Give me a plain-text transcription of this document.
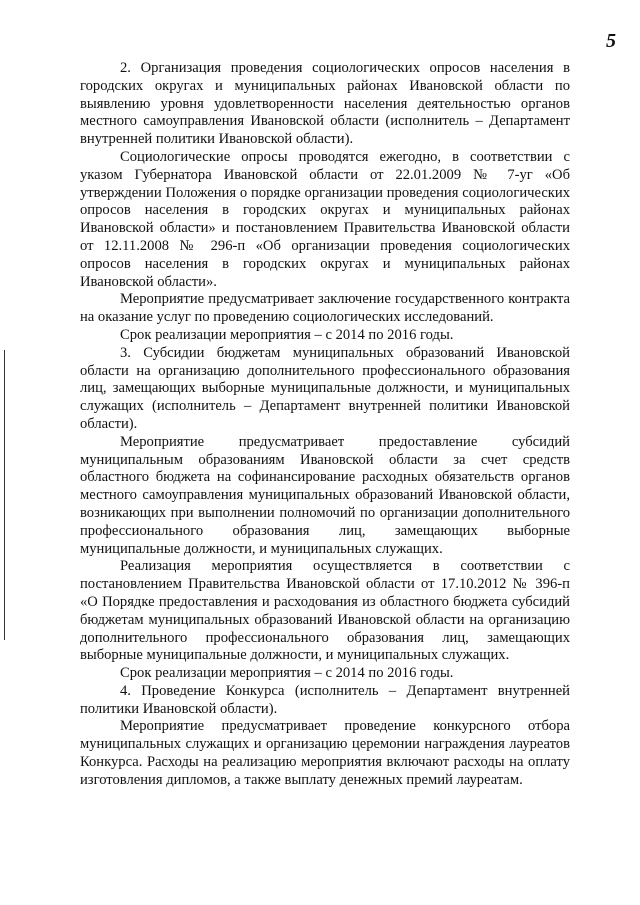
5

2. Организация проведения социологических опросов населения в городских округах и муниципальных районах Ивановской области по выявлению уровня удовлетворенности населения деятельностью органов местного самоуправления Ивановской области (исполнитель – Департамент внутренней политики Ивановской области).

Социологические опросы проводятся ежегодно, в соответствии с указом Губернатора Ивановской области от 22.01.2009 № 7-уг «Об утверждении Положения о порядке организации проведения социологических опросов населения в городских округах и муниципальных районах Ивановской области» и постановлением Правительства Ивановской области от 12.11.2008 № 296-п «Об организации проведения социологических опросов населения в городских округах и муниципальных районах Ивановской области».

Мероприятие предусматривает заключение государственного контракта на оказание услуг по проведению социологических исследований.

Срок реализации мероприятия – с 2014 по 2016 годы.

3. Субсидии бюджетам муниципальных образований Ивановской области на организацию дополнительного профессионального образования лиц, замещающих выборные муниципальные должности, и муниципальных служащих (исполнитель – Департамент внутренней политики Ивановской области).

Мероприятие предусматривает предоставление субсидий муниципальным образованиям Ивановской области за счет средств областного бюджета на софинансирование расходных обязательств органов местного самоуправления муниципальных образований Ивановской области, возникающих при выполнении полномочий по организации дополнительного профессионального образования лиц, замещающих выборные муниципальные должности, и муниципальных служащих.

Реализация мероприятия осуществляется в соответствии с постановлением Правительства Ивановской области от 17.10.2012 № 396-п «О Порядке предоставления и расходования из областного бюджета субсидий бюджетам муниципальных образований Ивановской области на организацию дополнительного профессионального образования лиц, замещающих выборные муниципальные должности, и муниципальных служащих.

Срок реализации мероприятия – с 2014 по 2016 годы.

4. Проведение Конкурса (исполнитель – Департамент внутренней политики Ивановской области).

Мероприятие предусматривает проведение конкурсного отбора муниципальных служащих и организацию церемонии награждения лауреатов Конкурса. Расходы на реализацию мероприятия включают расходы на оплату изготовления дипломов, а также выплату денежных премий лауреатам.
